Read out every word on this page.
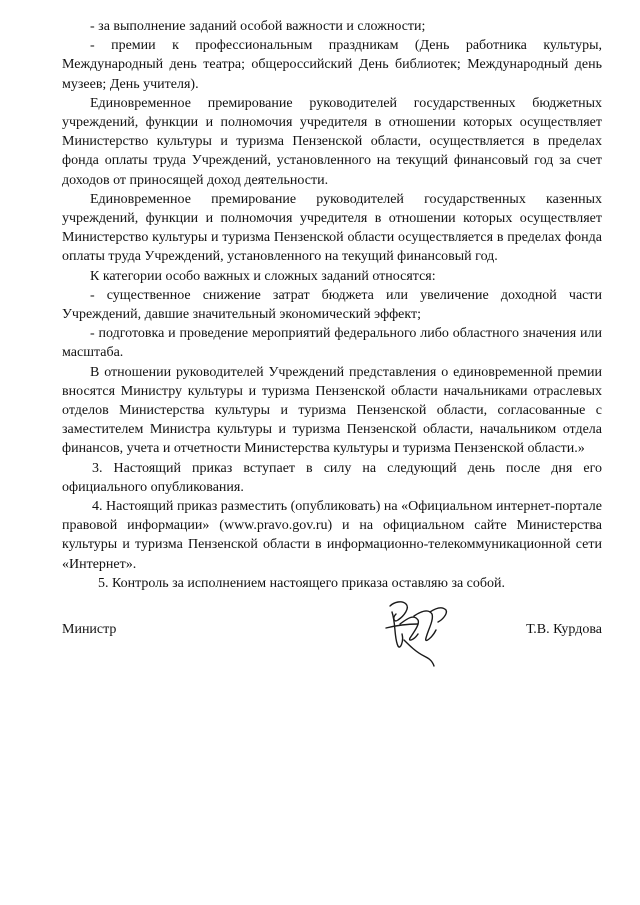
- за выполнение заданий особой важности и сложности;

- премии к профессиональным праздникам (День работника культуры, Международный день театра; общероссийский День библиотек; Международный день музеев; День учителя).

Единовременное премирование руководителей государственных бюджетных учреждений, функции и полномочия учредителя в отношении которых осуществляет Министерство культуры и туризма Пензенской области, осуществляется в пределах фонда оплаты труда Учреждений, установленного на текущий финансовый год за счет доходов от приносящей доход деятельности.

Единовременное премирование руководителей государственных казенных учреждений, функции и полномочия учредителя в отношении которых осуществляет Министерство культуры и туризма Пензенской области осуществляется в пределах фонда оплаты труда Учреждений, установленного на текущий финансовый год.

К категории особо важных и сложных заданий относятся:

- существенное снижение затрат бюджета или увеличение доходной части Учреждений, давшие значительный экономический эффект;

- подготовка и проведение мероприятий федерального либо областного значения или масштаба.

В отношении руководителей Учреждений представления о единовременной премии вносятся Министру культуры и туризма Пензенской области начальниками отраслевых отделов Министерства культуры и туризма Пензенской области, согласованные с заместителем Министра культуры и туризма Пензенской области, начальником отдела финансов, учета и отчетности Министерства культуры и туризма Пензенской области.»

3. Настоящий приказ вступает в силу на следующий день после дня его официального опубликования.

4. Настоящий приказ разместить (опубликовать) на «Официальном интернет-портале правовой информации» (www.pravo.gov.ru) и на официальном сайте Министерства культуры и туризма Пензенской области в информационно-телекоммуникационной сети «Интернет».

5. Контроль за исполнением настоящего приказа оставляю за собой.

Министр	Т.В. Курдова
